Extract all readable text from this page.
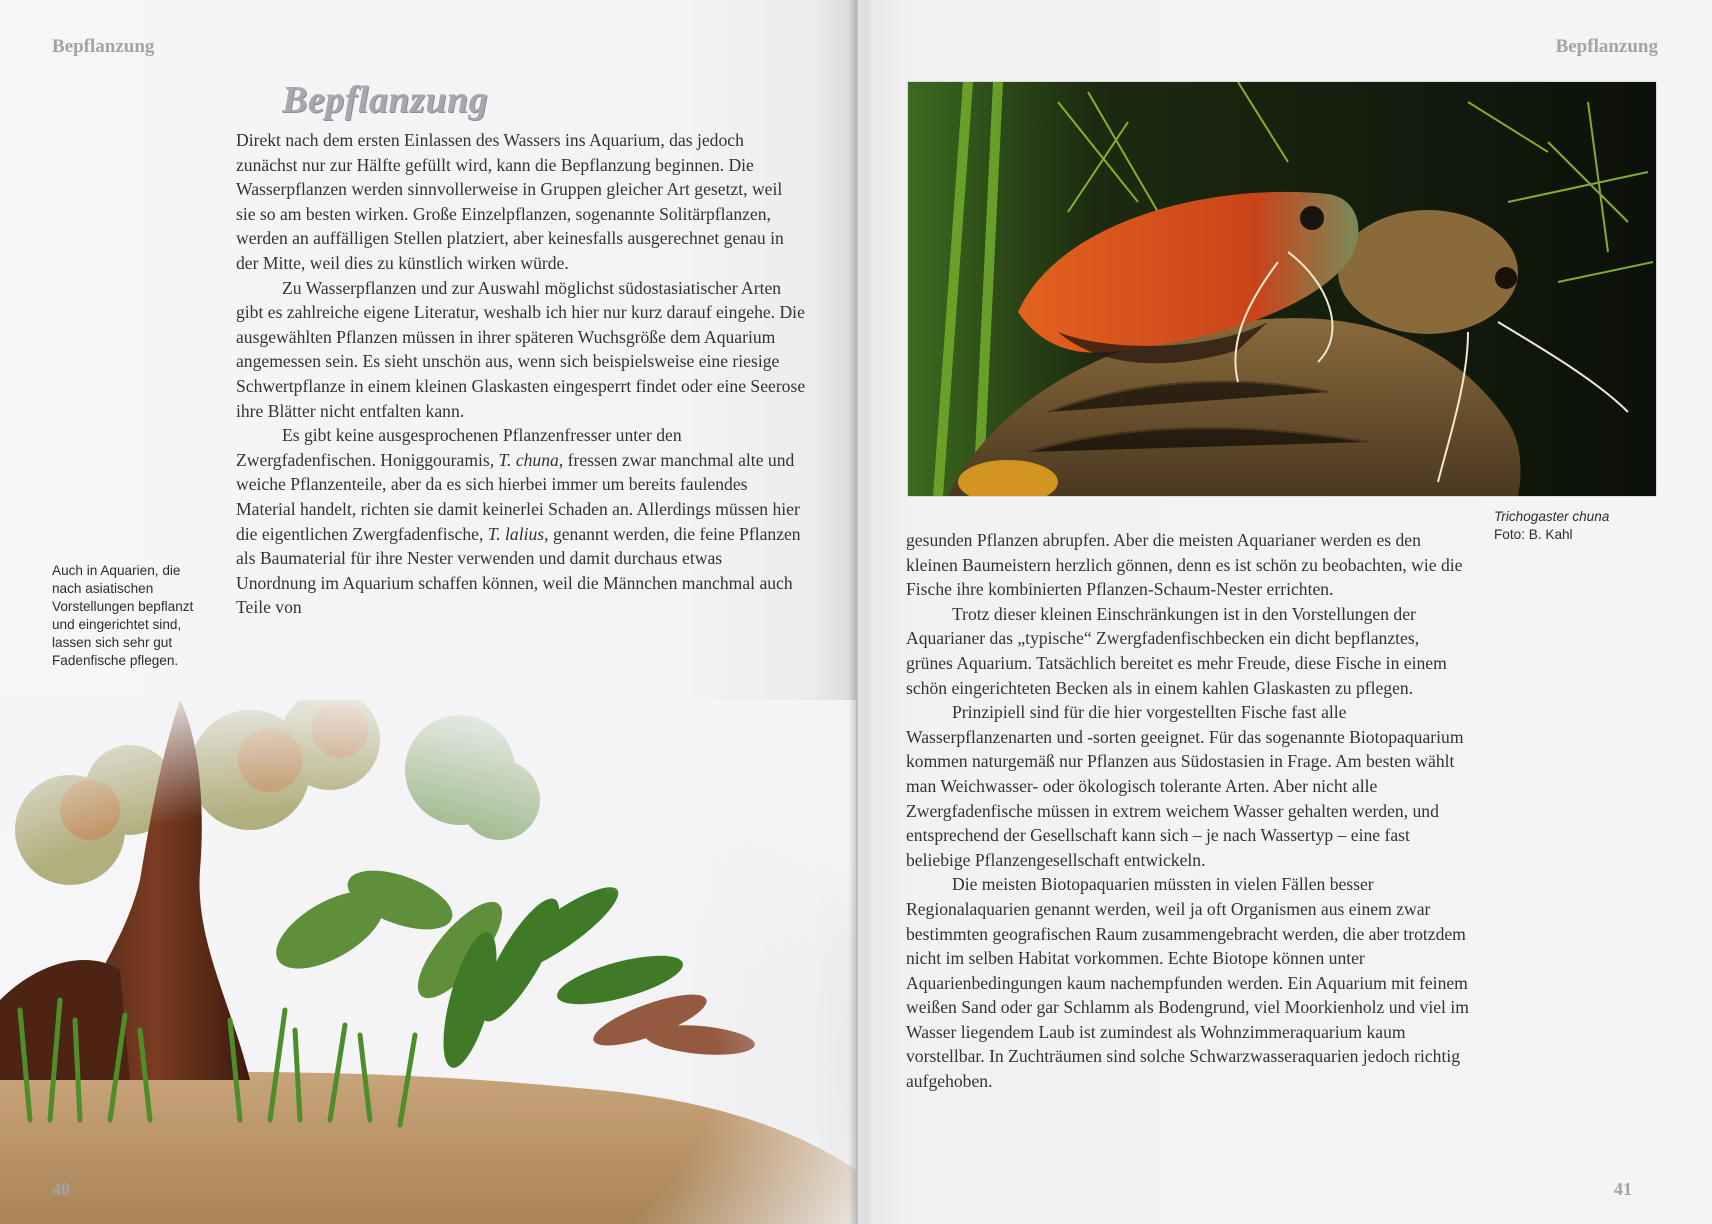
Bepflanzung
Bepflanzung

Direkt nach dem ersten Einlassen des Wassers ins Aquarium, das jedoch zunächst nur zur Hälfte gefüllt wird, kann die Bepflanzung beginnen. Die Wasserpflanzen werden sinnvollerweise in Gruppen gleicher Art gesetzt, weil sie so am besten wirken. Große Einzelpflanzen, sogenannte Solitärpflanzen, werden an auffälligen Stellen platziert, aber keinesfalls ausgerechnet genau in der Mitte, weil dies zu künstlich wirken würde.

Zu Wasserpflanzen und zur Auswahl möglichst südostasiatischer Arten gibt es zahlreiche eigene Literatur, weshalb ich hier nur kurz darauf eingehe. Die ausgewählten Pflanzen müssen in ihrer späteren Wuchsgröße dem Aquarium angemessen sein. Es sieht unschön aus, wenn sich beispielsweise eine riesige Schwertpflanze in einem kleinen Glaskasten eingesperrt findet oder eine Seerose ihre Blätter nicht entfalten kann.

Es gibt keine ausgesprochenen Pflanzenfresser unter den Zwergfadenfischen. Honiggouramis, T. chuna, fressen zwar manchmal alte und weiche Pflanzenteile, aber da es sich hierbei immer um bereits faulendes Material handelt, richten sie damit keinerlei Schaden an. Allerdings müssen hier die eigentlichen Zwergfadenfische, T. lalius, genannt werden, die feine Pflanzen als Baumaterial für ihre Nester verwenden und damit durchaus etwas Unordnung im Aquarium schaffen können, weil die Männchen manchmal auch Teile von

Auch in Aquarien, die nach asiatischen Vorstellungen bepflanzt und eingerichtet sind, lassen sich sehr gut Fadenfische pflegen.
40
Bepflanzung
Trichogaster chuna
Foto: B. Kahl

gesunden Pflanzen abrupfen. Aber die meisten Aquarianer werden es den kleinen Baumeistern herzlich gönnen, denn es ist schön zu beobachten, wie die Fische ihre kombinierten Pflanzen-Schaum-Nester errichten.

Trotz dieser kleinen Einschränkungen ist in den Vorstellungen der Aquarianer das „typische“ Zwergfadenfischbecken ein dicht bepflanztes, grünes Aquarium. Tatsächlich bereitet es mehr Freude, diese Fische in einem schön eingerichteten Becken als in einem kahlen Glaskasten zu pflegen.

Prinzipiell sind für die hier vorgestellten Fische fast alle Wasserpflanzenarten und -sorten geeignet. Für das sogenannte Biotopaquarium kommen naturgemäß nur Pflanzen aus Südostasien in Frage. Am besten wählt man Weichwasser- oder ökologisch tolerante Arten. Aber nicht alle Zwergfadenfische müssen in extrem weichem Wasser gehalten werden, und entsprechend der Gesellschaft kann sich – je nach Wassertyp – eine fast beliebige Pflanzengesellschaft entwickeln.

Die meisten Biotopaquarien müssten in vielen Fällen besser Regionalaquarien genannt werden, weil ja oft Organismen aus einem zwar bestimmten geografischen Raum zusammengebracht werden, die aber trotzdem nicht im selben Habitat vorkommen. Echte Biotope können unter Aquarienbedingungen kaum nachempfunden werden. Ein Aquarium mit feinem weißen Sand oder gar Schlamm als Bodengrund, viel Moorkienholz und viel im Wasser liegendem Laub ist zumindest als Wohnzimmeraquarium kaum vorstellbar. In Zuchträumen sind solche Schwarzwasseraquarien jedoch richtig aufgehoben.

41
